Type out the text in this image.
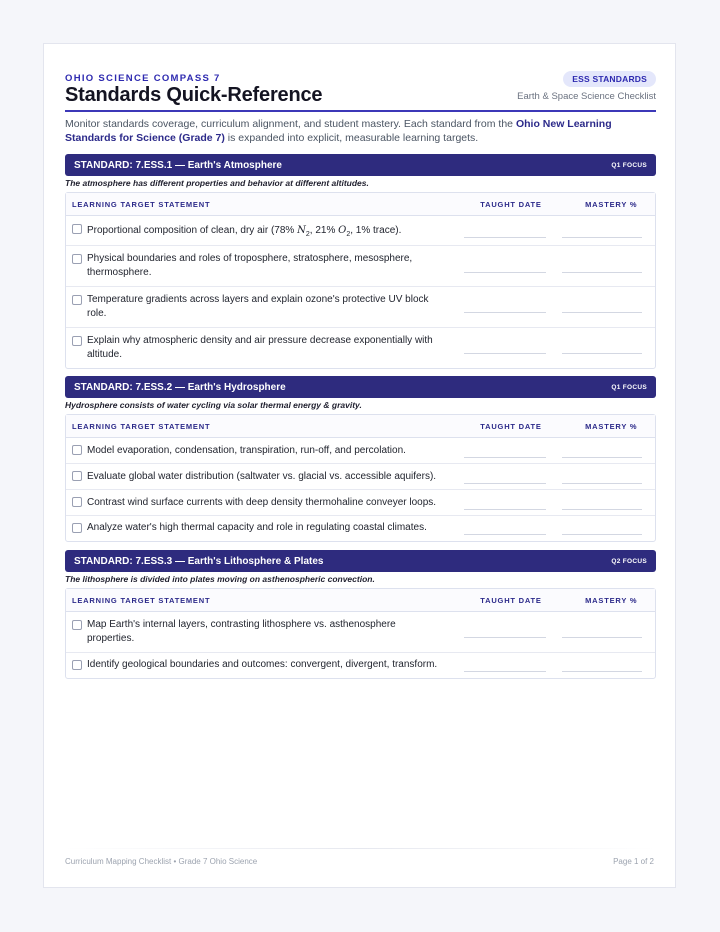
OHIO SCIENCE COMPASS 7
Standards Quick-Reference
ESS STANDARDS
Earth & Space Science Checklist
Monitor standards coverage, curriculum alignment, and student mastery. Each standard from the Ohio New Learning Standards for Science (Grade 7) is expanded into explicit, measurable learning targets.
STANDARD: 7.ESS.1 — Earth's Atmosphere	Q1 FOCUS
The atmosphere has different properties and behavior at different altitudes.
LEARNING TARGET STATEMENT	TAUGHT DATE	MASTERY %
Proportional composition of clean, dry air (78% $N_2$, 21% $O_2$, 1% trace).
Physical boundaries and roles of troposphere, stratosphere, mesosphere, thermosphere.
Temperature gradients across layers and explain ozone's protective UV block role.
Explain why atmospheric density and air pressure decrease exponentially with altitude.
STANDARD: 7.ESS.2 — Earth's Hydrosphere	Q1 FOCUS
Hydrosphere consists of water cycling via solar thermal energy & gravity.
LEARNING TARGET STATEMENT	TAUGHT DATE	MASTERY %
Model evaporation, condensation, transpiration, run-off, and percolation.
Evaluate global water distribution (saltwater vs. glacial vs. accessible aquifers).
Contrast wind surface currents with deep density thermohaline conveyer loops.
Analyze water's high thermal capacity and role in regulating coastal climates.
STANDARD: 7.ESS.3 — Earth's Lithosphere & Plates	Q2 FOCUS
The lithosphere is divided into plates moving on asthenospheric convection.
LEARNING TARGET STATEMENT	TAUGHT DATE	MASTERY %
Map Earth's internal layers, contrasting lithosphere vs. asthenosphere properties.
Identify geological boundaries and outcomes: convergent, divergent, transform.
Curriculum Mapping Checklist • Grade 7 Ohio Science	Page 1 of 2
